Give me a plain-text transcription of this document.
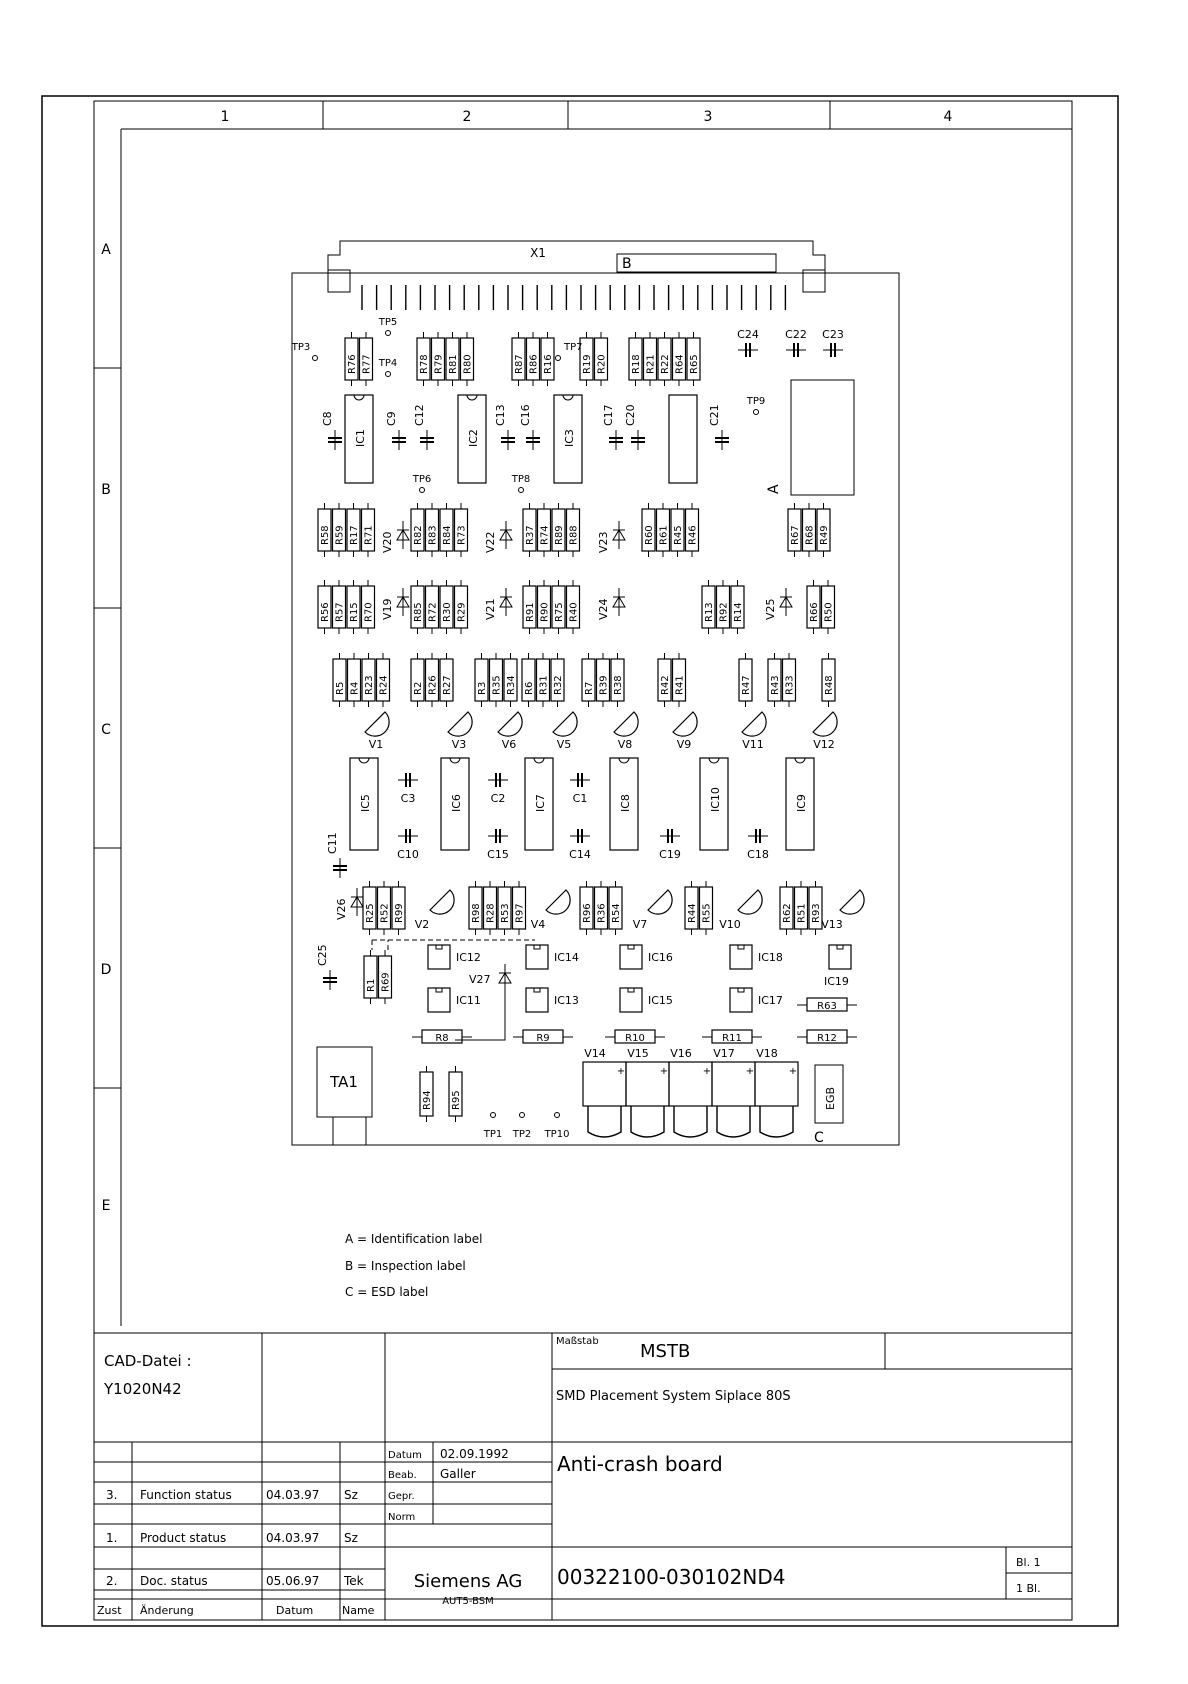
1	2	3	4
A
B
C
D
E
X1
B
A
R76 R77	R78 R79 R81 R80	R87 R86 R16	R19 R20 R18 R21 R22 R64 R65
R58 R59 R17 R71	R82 R83 R84 R73	R37 R74 R89 R88	R60 R61 R45 R46	R67 R68 R49
R56 R57 R15 R70	R85 R72 R30 R29	R91 R90 R75 R40	R13 R92 R14	R66 R50
R5 R4 R23 R24 R2 R26 R27 R3 R35 R34 R6 R31 R32 R7 R39 R38	R42 R41	R47 R43 R33	R48
R25 R52 R99	R98 R28 R53 R97	R96 R36 R54	R44 R55	R62 R51 R93
R1 R69
R94 R95
R8	R9	R10	R11	R12
R63
IC1	IC2	IC3
IC5	IC6	IC7	IC8	IC10	IC9
IC12
IC11
IC14
IC13
IC16
IC15
IC18
IC17
IC19
C8	C9 C12	C13 C16	C17 C20	C21
C24 C22 C23
C3
C10
C2
C15
C1
C14	C19	C18
C11
C25
V20	V22	V23
V19	V21	V24	V25
V26
V27
V1	V3	V6	V5	V8	V9	V11	V12
V2	V4	V7	V10	V13
TP1 TP2
TP3
TP4
TP5
TP6
TP7
TP8
TP9
TP10
TA1
+
V14
+
V15
+
V16
+
V17
+
V18
EGB
C
A = Identification label
B = Inspection label
C = ESD label
CAD-Datei :
Y1020N42
Maßstab MSTB
SMD Placement System Siplace 80S
Anti-crash board
Datum 02.09.1992
Beab. Galler
Gepr.
Norm
3. Function status	04.03.97 Sz
1. Product status	04.03.97 Sz
2. Doc. status	05.06.97 Tek	Siemens AG
AUT5-BSM
00322100-030102ND4
Bl. 1
1 Bl.
Zust Änderung	Datum	Name
